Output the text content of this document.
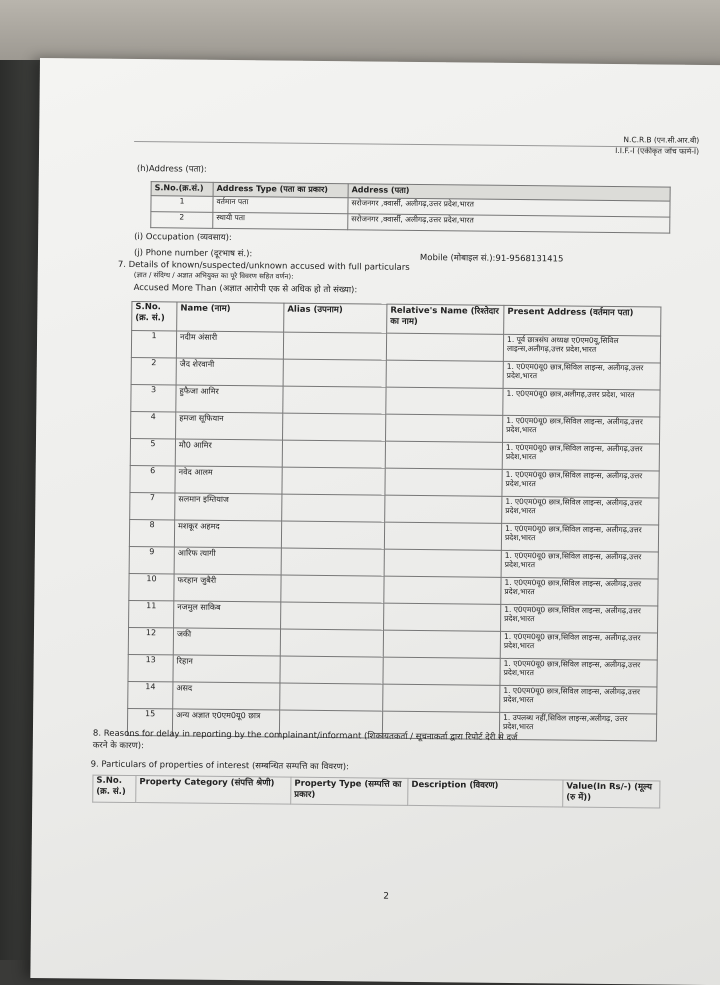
N.C.R.B (एन.सी.आर.बी)
I.I.F.-I (एकीकृत जाँच फार्म-I)
(h)Address (पता):
S.No.(क्र.सं.)	Address Type (पता का प्रकार)	Address (पता)
1	वर्तमान पता	सरोजनगर ,क्वार्सी, अलीगढ़,उत्तर प्रदेश,भारत
2	स्थायी पता	सरोजनगर ,क्वार्सी, अलीगढ़,उत्तर प्रदेश,भारत
(i) Occupation (व्यवसाय):
(j) Phone number (दूरभाष सं.):	Mobile (मोबाइल सं.):91-9568131415
7. Details of known/suspected/unknown accused with full particulars
(ज्ञात / संदिग्ध / अज्ञात अभियुक्त का पूरे विवरण सहित वर्णन):
Accused More Than (अज्ञात आरोपी एक से अधिक हो तो संख्या):
S.No.(क्र. सं.)	Name (नाम)	Alias (उपनाम)	Relative's Name (रिश्तेदार का नाम)	Present Address (वर्तमान पता)
1	नदीम अंसारी			1. पूर्व छात्रसंघ अध्यक्ष ए0एम0यू,सिविल लाइन्स,अलीगढ़,उत्तर प्रदेश,भारत
2	जैद शेरवानी			1. ए0एम0यू0 छात्र,सिविल लाइन्स, अलीगढ़,उत्तर प्रदेश,भारत
3	हुफैजा आमिर			1. ए0एम0यू0 छात्र,अलीगढ़,उत्तर प्रदेश, भारत
4	हमजा सूफियान			1. ए0एम0यू0 छात्र,सिविल लाइन्स, अलीगढ़,उत्तर प्रदेश,भारत
5	मौ0 आमिर			1. ए0एम0यू0 छात्र,सिविल लाइन्स, अलीगढ़,उत्तर प्रदेश,भारत
6	नवेद आलम			1. ए0एम0यू0 छात्र,सिविल लाइन्स, अलीगढ़,उत्तर प्रदेश,भारत
7	सलमान इम्तियाज			1. ए0एम0यू0 छात्र,सिविल लाइन्स, अलीगढ़,उत्तर प्रदेश,भारत
8	मशकूर अहमद			1. ए0एम0यू0 छात्र,सिविल लाइन्स, अलीगढ़,उत्तर प्रदेश,भारत
9	आरिफ त्यागी			1. ए0एम0यू0 छात्र,सिविल लाइन्स, अलीगढ़,उत्तर प्रदेश,भारत
10	फरहान जुबैरी			1. ए0एम0यू0 छात्र,सिविल लाइन्स, अलीगढ़,उत्तर प्रदेश,भारत
11	नजमुल साकिब			1. ए0एम0यू0 छात्र,सिविल लाइन्स, अलीगढ़,उत्तर प्रदेश,भारत
12	जकी			1. ए0एम0यू0 छात्र,सिविल लाइन्स, अलीगढ़,उत्तर प्रदेश,भारत
13	रिहान			1. ए0एम0यू0 छात्र,सिविल लाइन्स, अलीगढ़,उत्तर प्रदेश,भारत
14	असद			1. ए0एम0यू0 छात्र,सिविल लाइन्स, अलीगढ़,उत्तर प्रदेश,भारत
15	अन्य अज्ञात ए0एम0यू0 छात्र			1. उपलब्ध नहीं,सिविल लाइन्स,अलीगढ़, उत्तर प्रदेश,भारत
8. Reasons for delay in reporting by the complainant/informant (शिकायतकर्ता / सूचनाकर्ता द्वारा रिपोर्ट देरी से दर्ज
करने के कारण):
9. Particulars of properties of interest (सम्बन्धित सम्पत्ति का विवरण):
S.No. (क्र. सं.)	Property Category (संपत्ति श्रेणी)	Property Type (सम्पत्ति का प्रकार)	Description (विवरण)	Value(In Rs/-) (मूल्य (रु में))
2
